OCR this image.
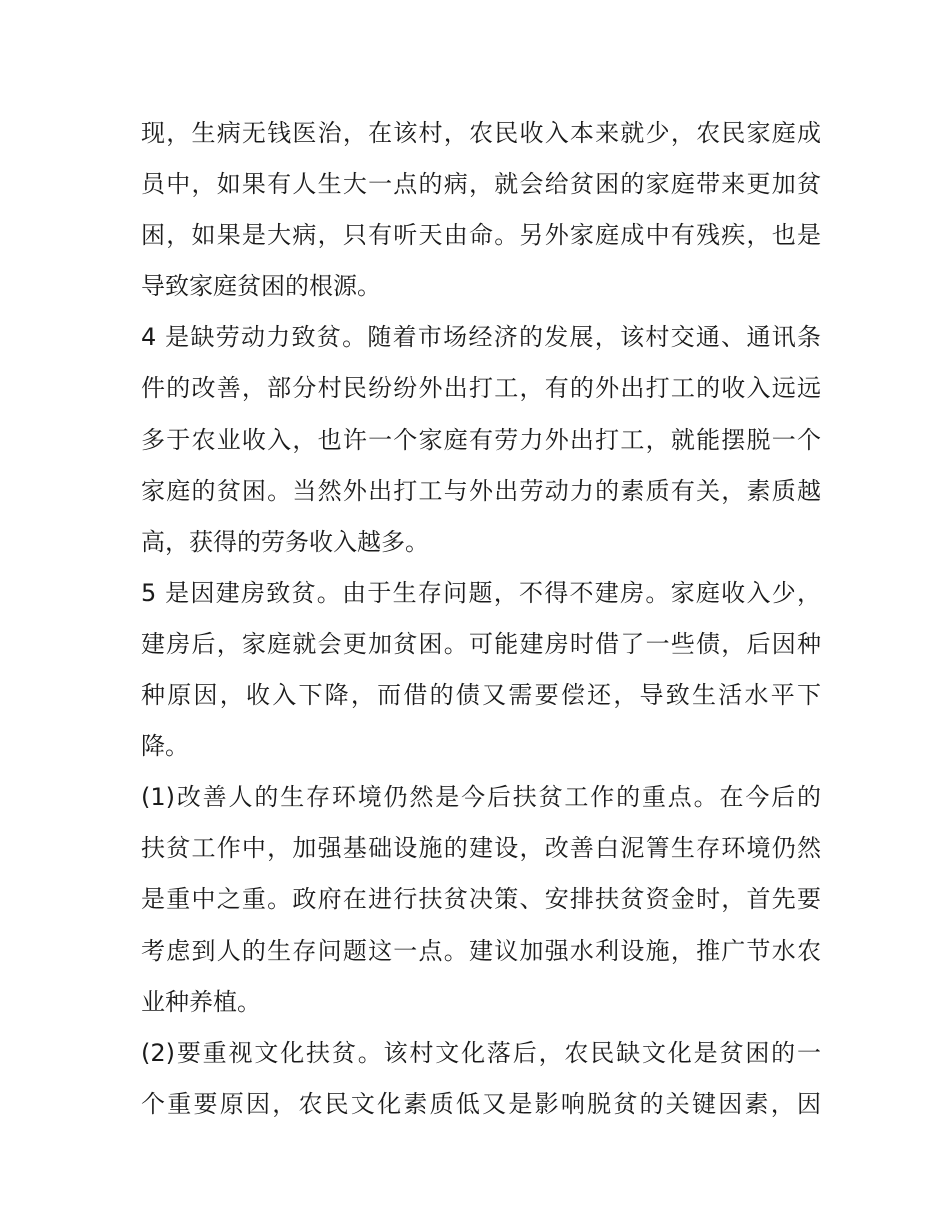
现，生病无钱医治，在该村，农民收入本来就少，农民家庭成
员中，如果有人生大一点的病，就会给贫困的家庭带来更加贫
困，如果是大病，只有听天由命。另外家庭成中有残疾，也是
导致家庭贫困的根源。
4 是缺劳动力致贫。随着市场经济的发展，该村交通、通讯条
件的改善，部分村民纷纷外出打工，有的外出打工的收入远远
多于农业收入，也许一个家庭有劳力外出打工，就能摆脱一个
家庭的贫困。当然外出打工与外出劳动力的素质有关，素质越
高，获得的劳务收入越多。
5 是因建房致贫。由于生存问题，不得不建房。家庭收入少，
建房后，家庭就会更加贫困。可能建房时借了一些债，后因种
种原因，收入下降，而借的债又需要偿还，导致生活水平下
降。
(1)改善人的生存环境仍然是今后扶贫工作的重点。在今后的
扶贫工作中，加强基础设施的建设，改善白泥箐生存环境仍然
是重中之重。政府在进行扶贫决策、安排扶贫资金时，首先要
考虑到人的生存问题这一点。建议加强水利设施，推广节水农
业种养植。
(2)要重视文化扶贫。该村文化落后，农民缺文化是贫困的一
个重要原因，农民文化素质低又是影响脱贫的关键因素，因
